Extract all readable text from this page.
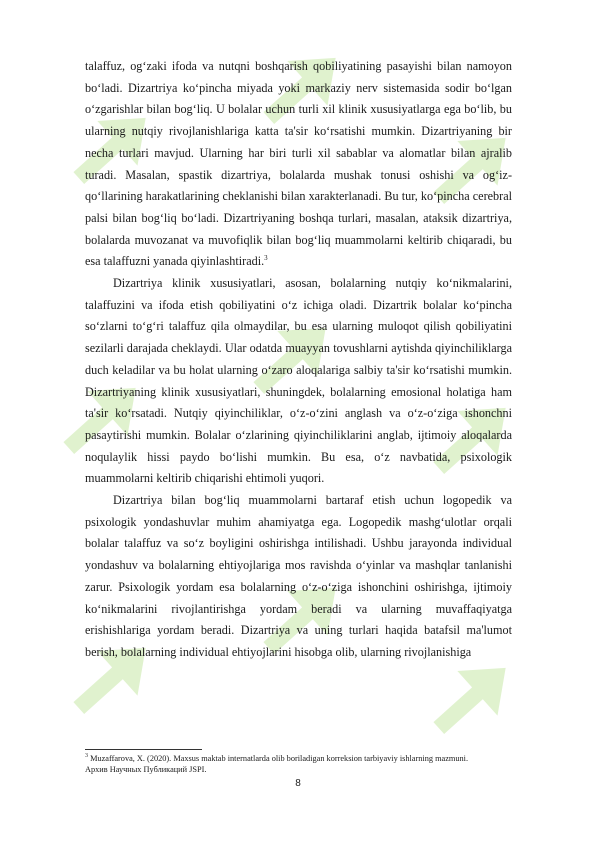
talaffuz, og‘zaki ifoda va nutqni boshqarish qobiliyatining pasayishi bilan namoyon bo‘ladi. Dizartriya ko‘pincha miyada yoki markaziy nerv sistemasida sodir bo‘lgan o‘zgarishlar bilan bog‘liq. U bolalar uchun turli xil klinik xususiyatlarga ega bo‘lib, bu ularning nutqiy rivojlanishlariga katta ta'sir ko‘rsatishi mumkin. Dizartriyaning bir necha turlari mavjud. Ularning har biri turli xil sabablar va alomatlar bilan ajralib turadi. Masalan, spastik dizartriya, bolalarda mushak tonusi oshishi va og‘iz-qo‘llarining harakatlarining cheklanishi bilan xarakterlanadi. Bu tur, ko‘pincha cerebral palsi bilan bog‘liq bo‘ladi. Dizartriyaning boshqa turlari, masalan, ataksik dizartriya, bolalarda muvozanat va muvofiqlik bilan bog‘liq muammolarni keltirib chiqaradi, bu esa talaffuzni yanada qiyinlashtiradi.$^3$

Dizartriya klinik xususiyatlari, asosan, bolalarning nutqiy ko‘nikmalarini, talaffuzini va ifoda etish qobiliyatini o‘z ichiga oladi. Dizartrik bolalar ko‘pincha so‘zlarni to‘g‘ri talaffuz qila olmaydilar, bu esa ularning muloqot qilish qobiliyatini sezilarli darajada cheklaydi. Ular odatda muayyan tovushlarni aytishda qiyinchiliklarga duch keladilar va bu holat ularning o‘zaro aloqalariga salbiy ta'sir ko‘rsatishi mumkin. Dizartriyaning klinik xususiyatlari, shuningdek, bolalarning emosional holatiga ham ta'sir ko‘rsatadi. Nutqiy qiyinchiliklar, o‘z-o‘zini anglash va o‘z-o‘ziga ishonchni pasaytirishi mumkin. Bolalar o‘zlarining qiyinchiliklarini anglab, ijtimoiy aloqalarda noqulaylik hissi paydo bo‘lishi mumkin. Bu esa, o‘z navbatida, psixologik muammolarni keltirib chiqarishi ehtimoli yuqori.

Dizartriya bilan bog‘liq muammolarni bartaraf etish uchun logopedik va psixologik yondashuvlar muhim ahamiyatga ega. Logopedik mashg‘ulotlar orqali bolalar talaffuz va so‘z boyligini oshirishga intilishadi. Ushbu jarayonda individual yondashuv va bolalarning ehtiyojlariga mos ravishda o‘yinlar va mashqlar tanlanishi zarur. Psixologik yordam esa bolalarning o‘z-o‘ziga ishonchini oshirishga, ijtimoiy ko‘nikmalarini rivojlantirishga yordam beradi va ularning muvaffaqiyatga erishishlariga yordam beradi. Dizartriya va uning turlari haqida batafsil ma'lumot berish, bolalarning individual ehtiyojlarini hisobga olib, ularning rivojlanishiga

$^3$ Muzaffarova, X. (2020). Maxsus maktab internatlarda olib boriladigan korreksion tarbiyaviy ishlarning mazmuni.
Архив Научных Публикаций JSPI.
8
